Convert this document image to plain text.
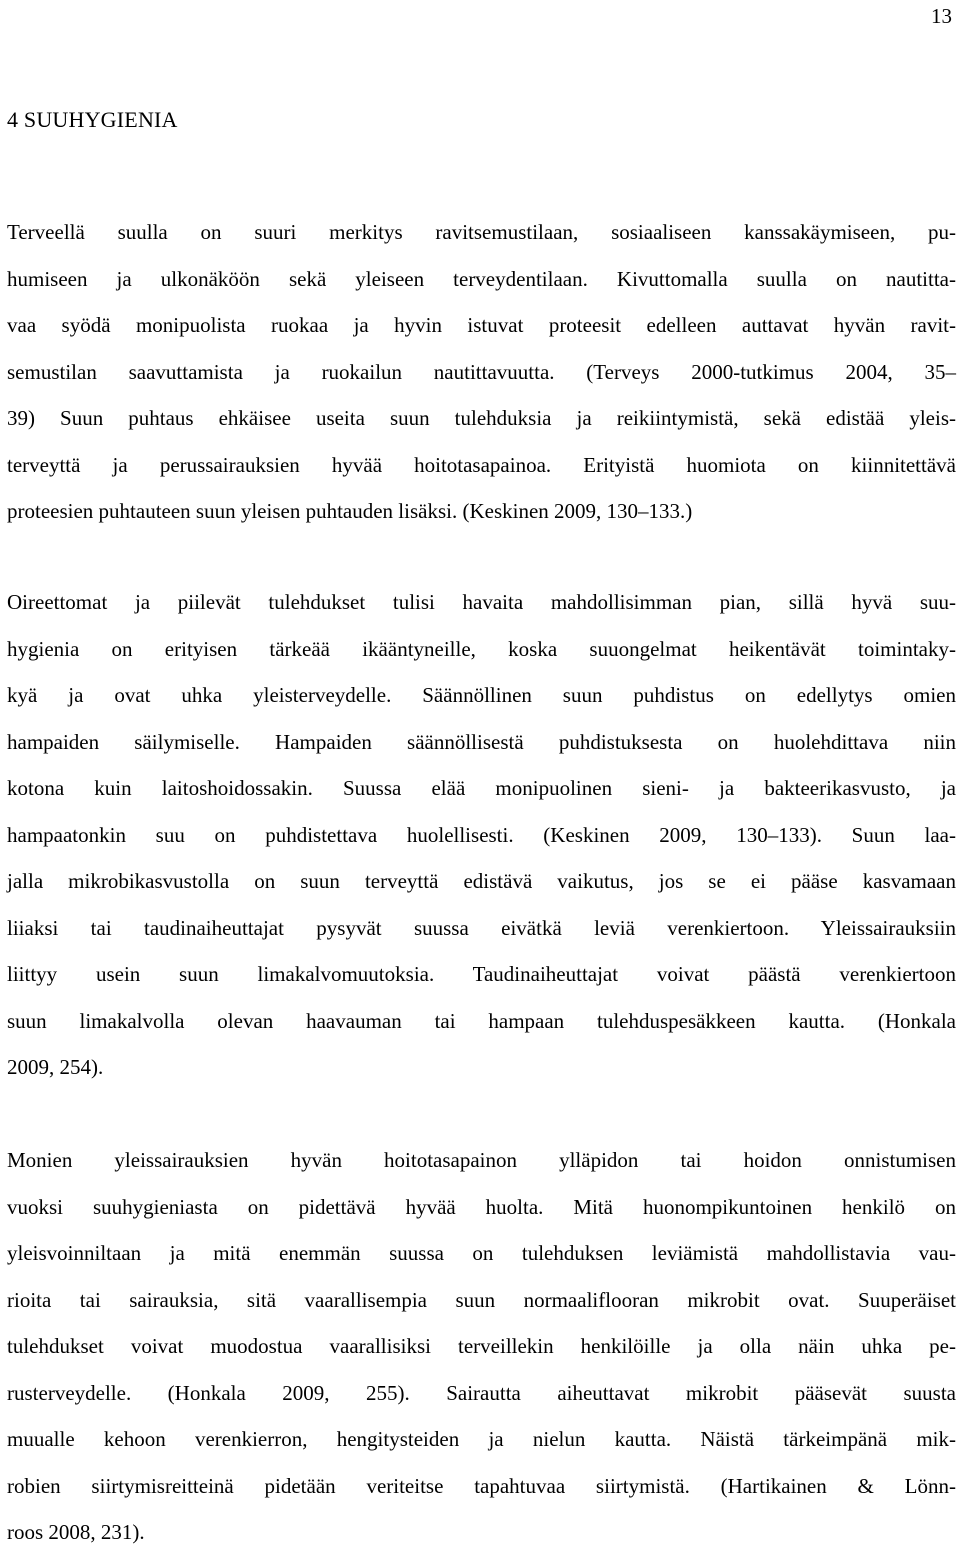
13
4 SUUHYGIENIA
Terveellä suulla on suuri merkitys ravitsemustilaan, sosiaaliseen kanssakäymiseen, pu-
humiseen ja ulkonäköön sekä yleiseen terveydentilaan. Kivuttomalla suulla on nautitta-
vaa syödä monipuolista ruokaa ja hyvin istuvat proteesit edelleen auttavat hyvän ravit-
semustilan saavuttamista ja ruokailun nautittavuutta. (Terveys 2000-tutkimus 2004, 35–
39) Suun puhtaus ehkäisee useita suun tulehduksia ja reikiintymistä, sekä edistää yleis-
terveyttä ja perussairauksien hyvää hoitotasapainoa. Erityistä huomiota on kiinnitettävä
proteesien puhtauteen suun yleisen puhtauden lisäksi. (Keskinen 2009, 130–133.)
Oireettomat ja piilevät tulehdukset tulisi havaita mahdollisimman pian, sillä hyvä suu-
hygienia on erityisen tärkeää ikääntyneille, koska suuongelmat heikentävät toimintaky-
kyä ja ovat uhka yleisterveydelle. Säännöllinen suun puhdistus on edellytys omien
hampaiden säilymiselle. Hampaiden säännöllisestä puhdistuksesta on huolehdittava niin
kotona kuin laitoshoidossakin. Suussa elää monipuolinen sieni- ja bakteerikasvusto, ja
hampaatonkin suu on puhdistettava huolellisesti. (Keskinen 2009, 130–133). Suun laa-
jalla mikrobikasvustolla on suun terveyttä edistävä vaikutus, jos se ei pääse kasvamaan
liiaksi tai taudinaiheuttajat pysyvät suussa eivätkä leviä verenkiertoon. Yleissairauksiin
liittyy usein suun limakalvomuutoksia. Taudinaiheuttajat voivat päästä verenkiertoon
suun limakalvolla olevan haavauman tai hampaan tulehduspesäkkeen kautta. (Honkala
2009, 254).
Monien yleissairauksien hyvän hoitotasapainon ylläpidon tai hoidon onnistumisen
vuoksi suuhygieniasta on pidettävä hyvää huolta. Mitä huonompikuntoinen henkilö on
yleisvoinniltaan ja mitä enemmän suussa on tulehduksen leviämistä mahdollistavia vau-
rioita tai sairauksia, sitä vaarallisempia suun normaaliflooran mikrobit ovat. Suuperäiset
tulehdukset voivat muodostua vaarallisiksi terveillekin henkilöille ja olla näin uhka pe-
rusterveydelle. (Honkala 2009, 255). Sairautta aiheuttavat mikrobit pääsevät suusta
muualle kehoon verenkierron, hengitysteiden ja nielun kautta. Näistä tärkeimpänä mik-
robien siirtymisreitteinä pidetään veriteitse tapahtuvaa siirtymistä. (Hartikainen & Lönn-
roos 2008, 231).
